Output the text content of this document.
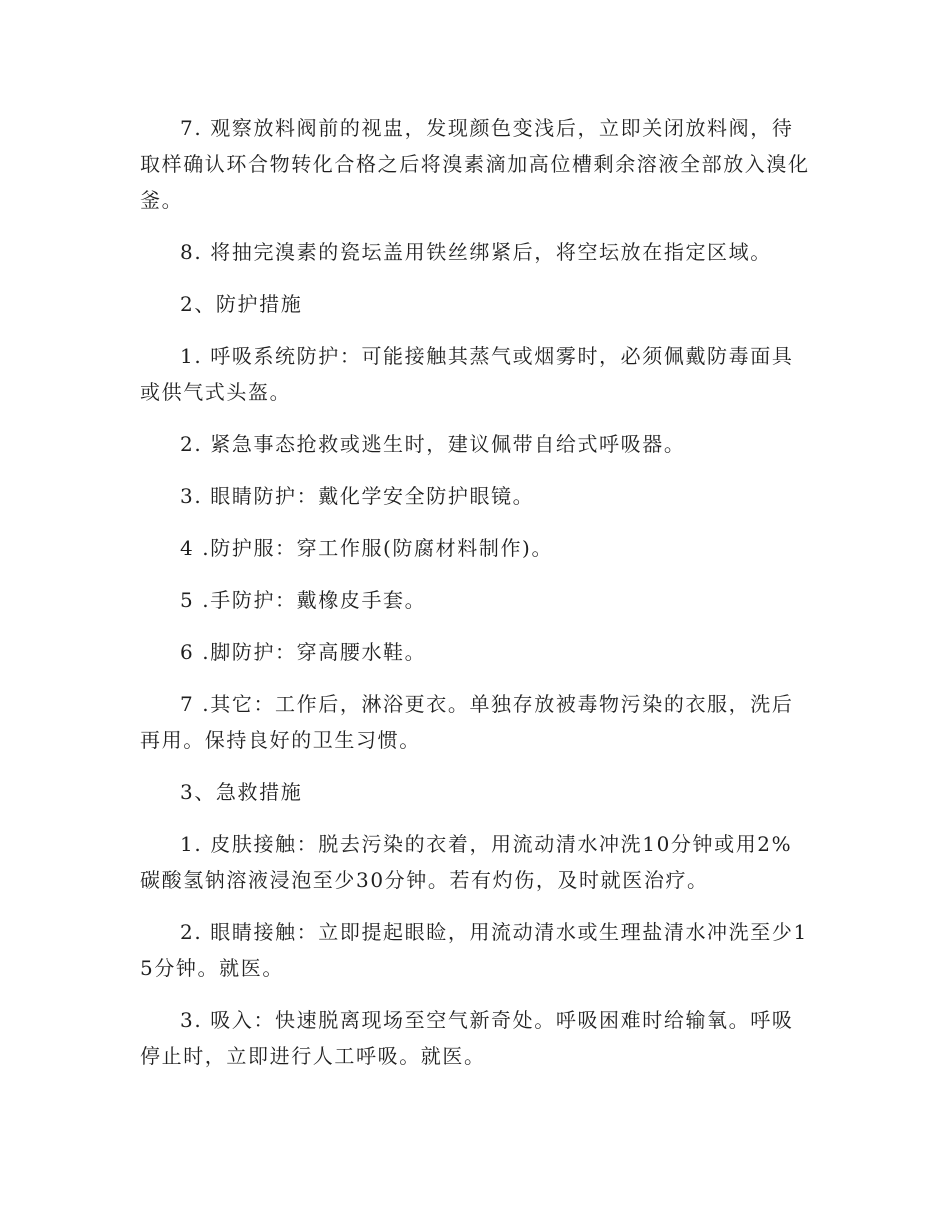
7. 观察放料阀前的视盅，发现颜色变浅后，立即关闭放料阀，待取样确认环合物转化合格之后将溴素滴加高位槽剩余溶液全部放入溴化釜。

8. 将抽完溴素的瓷坛盖用铁丝绑紧后，将空坛放在指定区域。

2、防护措施

1. 呼吸系统防护：可能接触其蒸气或烟雾时，必须佩戴防毒面具或供气式头盔。

2. 紧急事态抢救或逃生时，建议佩带自给式呼吸器。

3. 眼睛防护：戴化学安全防护眼镜。

4 .防护服：穿工作服(防腐材料制作)。

5 .手防护：戴橡皮手套。

6 .脚防护：穿高腰水鞋。

7 .其它：工作后，淋浴更衣。单独存放被毒物污染的衣服，洗后再用。保持良好的卫生习惯。

3、急救措施

1. 皮肤接触：脱去污染的衣着，用流动清水冲洗10分钟或用2%碳酸氢钠溶液浸泡至少30分钟。若有灼伤，及时就医治疗。

2. 眼睛接触：立即提起眼睑，用流动清水或生理盐清水冲洗至少15分钟。就医。

3. 吸入：快速脱离现场至空气新奇处。呼吸困难时给输氧。呼吸停止时，立即进行人工呼吸。就医。
